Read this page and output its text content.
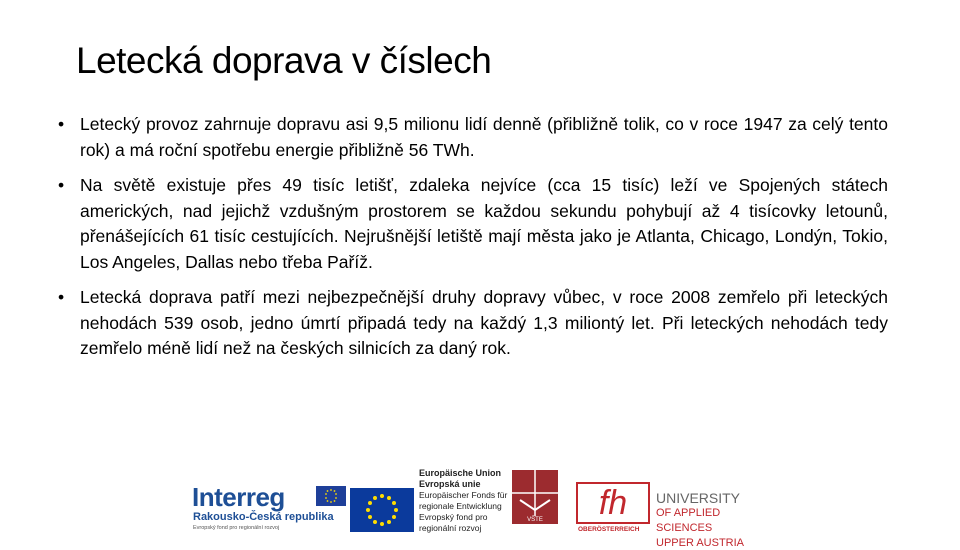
Letecká doprava v číslech
• Letecký provoz zahrnuje dopravu asi 9,5 milionu lidí denně (přibližně tolik, co v roce 1947 za celý tento rok) a má roční spotřebu energie přibližně 56 TWh.
• Na světě existuje přes 49 tisíc letišť, zdaleka nejvíce (cca 15 tisíc) leží ve Spojených státech amerických, nad jejichž vzdušným prostorem se každou sekundu pohybují až 4 tisícovky letounů, přenášejících 61 tisíc cestujících. Nejrušnější letiště mají města jako je Atlanta, Chicago, Londýn, Tokio, Los Angeles, Dallas nebo třeba Paříž.
• Letecká doprava patří mezi nejbezpečnější druhy dopravy vůbec, v roce 2008 zemřelo při leteckých nehodách 539 osob, jedno úmrtí připadá tedy na každý 1,3 miliontý let. Při leteckých nehodách tedy zemřelo méně lidí než na českých silnicích za daný rok.
Interreg
Rakousko-Česká republika
Evropský fond pro regionální rozvoj
Europäische Union
Evropská unie
Europäischer Fonds für regionale Entwicklung
Evropský fond pro regionální rozvoj
VŠTE	fh
OBERÖSTERREICH
UNIVERSITY
OF APPLIED SCIENCES
UPPER AUSTRIA
